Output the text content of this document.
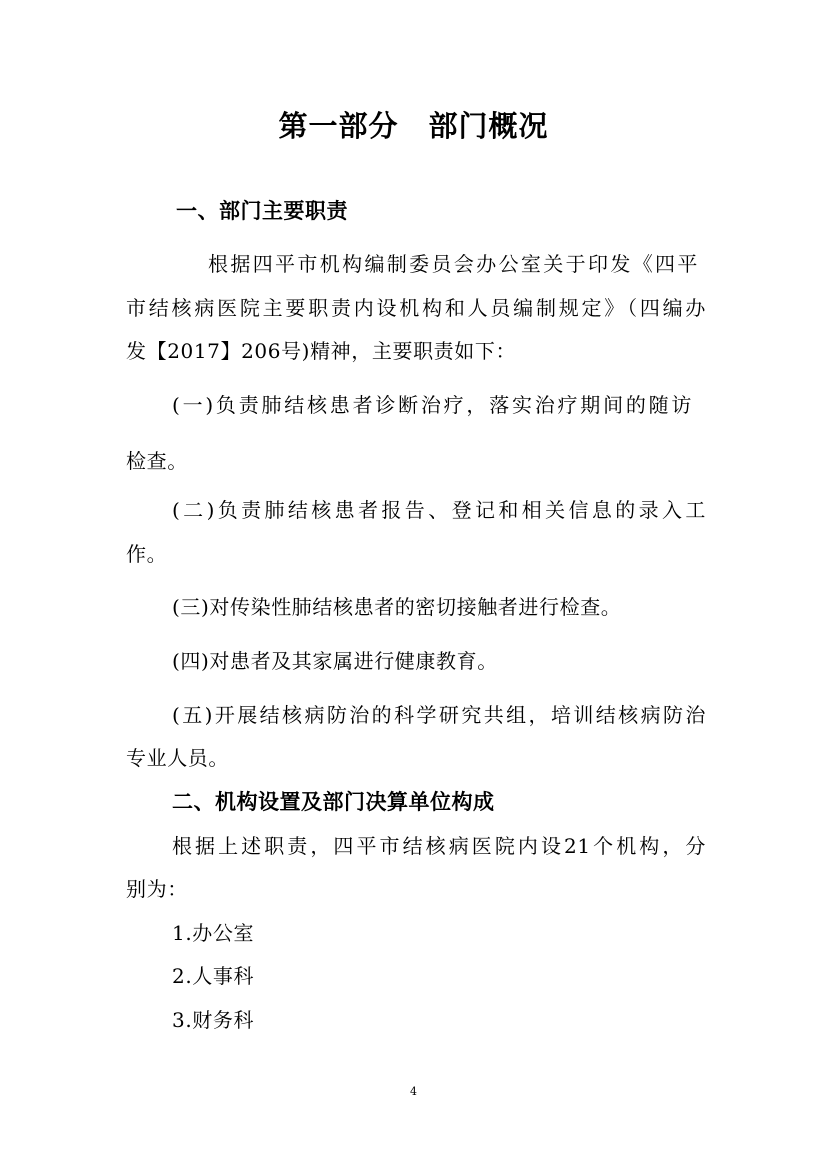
第一部分　部门概况
一、部门主要职责
根据四平市机构编制委员会办公室关于印发《四平
市结核病医院主要职责内设机构和人员编制规定》（四编办
发【2017】206号)精神，主要职责如下：
(一)负责肺结核患者诊断治疗，落实治疗期间的随访
检查。
(二)负责肺结核患者报告、登记和相关信息的录入工
作。
(三)对传染性肺结核患者的密切接触者进行检查。
(四)对患者及其家属进行健康教育。
(五)开展结核病防治的科学研究共组，培训结核病防治
专业人员。
二、机构设置及部门决算单位构成
根据上述职责，四平市结核病医院内设21个机构，分
别为：
1.办公室
2.人事科
3.财务科
4
